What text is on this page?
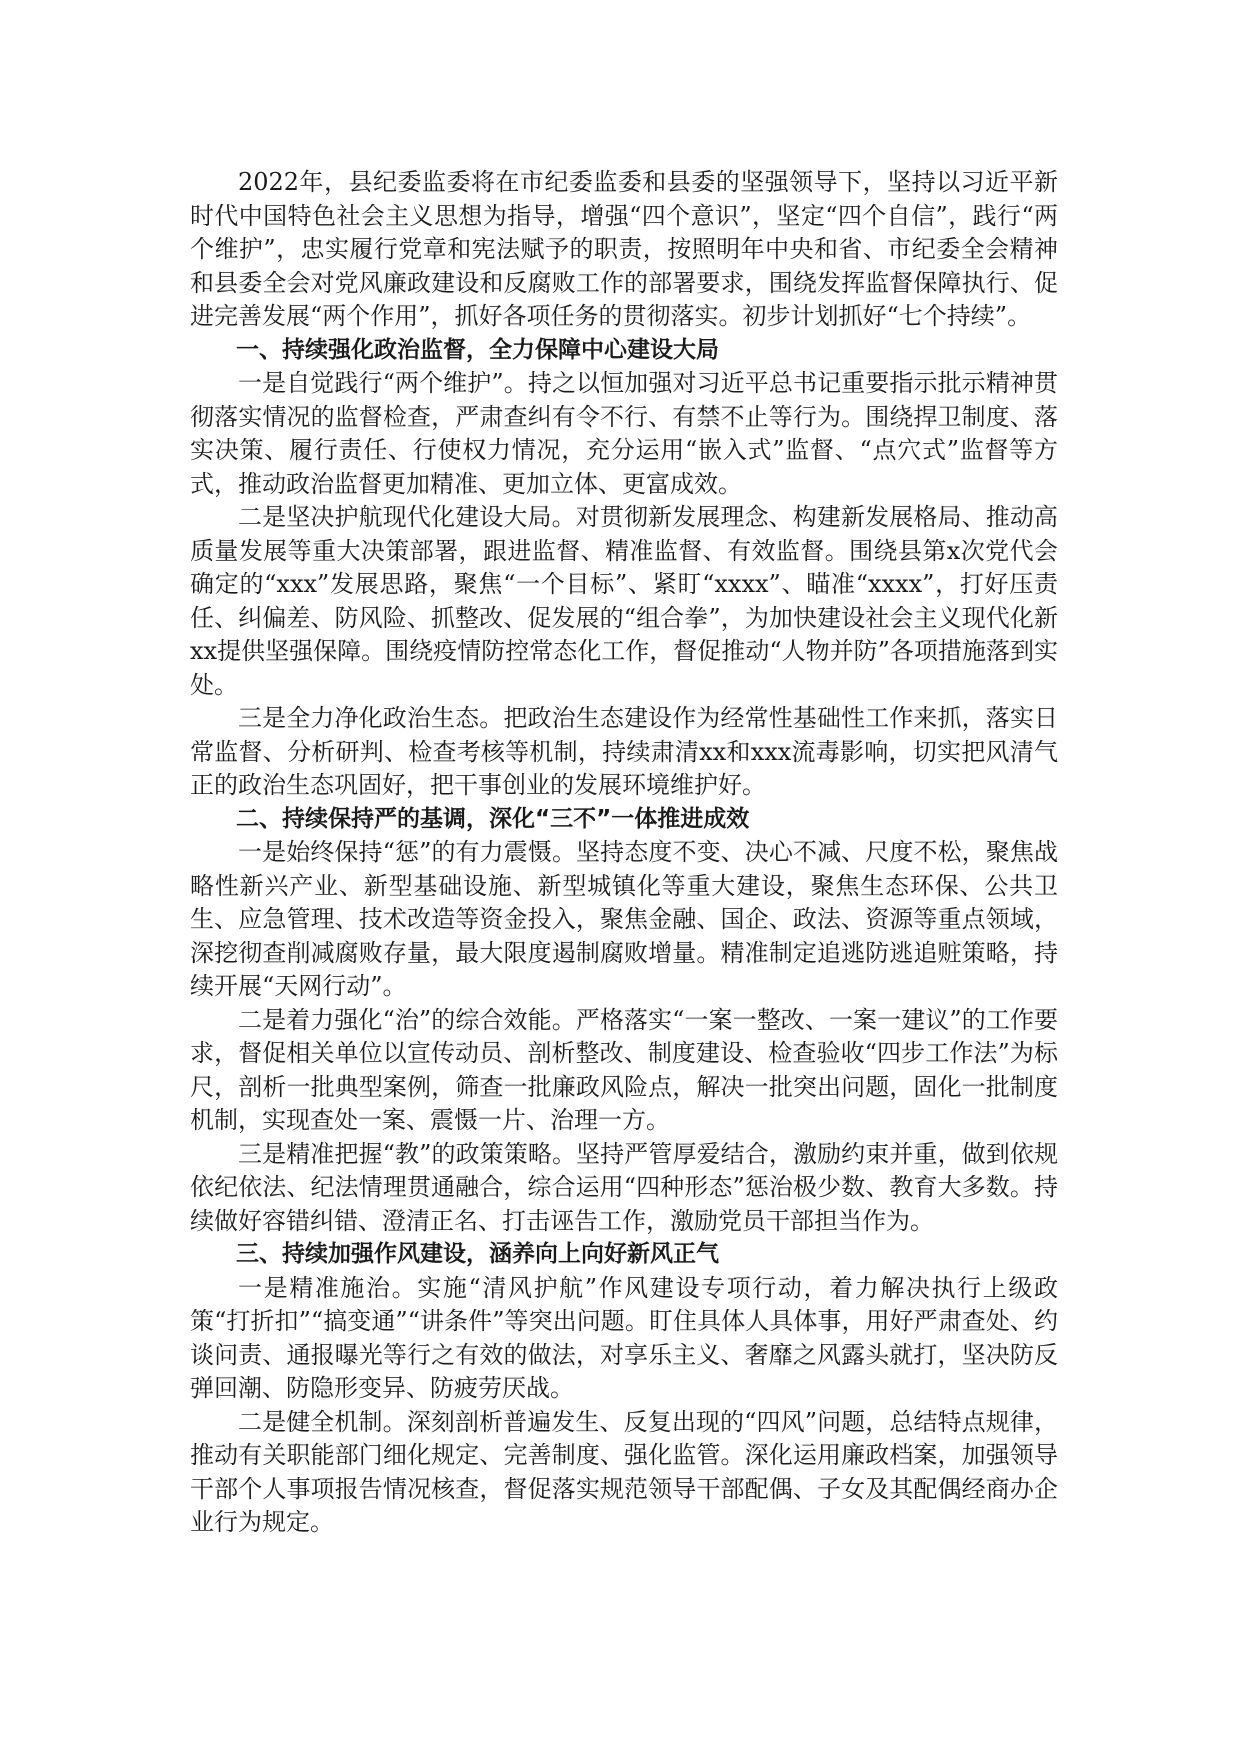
2022年，县纪委监委将在市纪委监委和县委的坚强领导下，坚持以习近平新时代中国特色社会主义思想为指导，增强“四个意识”，坚定“四个自信”，践行“两个维护”，忠实履行党章和宪法赋予的职责，按照明年中央和省、市纪委全会精神和县委全会对党风廉政建设和反腐败工作的部署要求，围绕发挥监督保障执行、促进完善发展“两个作用”，抓好各项任务的贯彻落实。初步计划抓好“七个持续”。

一、持续强化政治监督，全力保障中心建设大局

一是自觉践行“两个维护”。持之以恒加强对习近平总书记重要指示批示精神贯彻落实情况的监督检查，严肃查纠有令不行、有禁不止等行为。围绕捍卫制度、落实决策、履行责任、行使权力情况，充分运用“嵌入式”监督、“点穴式”监督等方式，推动政治监督更加精准、更加立体、更富成效。

二是坚决护航现代化建设大局。对贯彻新发展理念、构建新发展格局、推动高质量发展等重大决策部署，跟进监督、精准监督、有效监督。围绕县第x次党代会确定的“xxx”发展思路，聚焦“一个目标”、紧盯“xxxx”、瞄准“xxxx”，打好压责任、纠偏差、防风险、抓整改、促发展的“组合拳”，为加快建设社会主义现代化新xx提供坚强保障。围绕疫情防控常态化工作，督促推动“人物并防”各项措施落到实处。

三是全力净化政治生态。把政治生态建设作为经常性基础性工作来抓，落实日常监督、分析研判、检查考核等机制，持续肃清xx和xxx流毒影响，切实把风清气正的政治生态巩固好，把干事创业的发展环境维护好。

二、持续保持严的基调，深化“三不”一体推进成效

一是始终保持“惩”的有力震慑。坚持态度不变、决心不减、尺度不松，聚焦战略性新兴产业、新型基础设施、新型城镇化等重大建设，聚焦生态环保、公共卫生、应急管理、技术改造等资金投入，聚焦金融、国企、政法、资源等重点领域，深挖彻查削减腐败存量，最大限度遏制腐败增量。精准制定追逃防逃追赃策略，持续开展“天网行动”。

二是着力强化“治”的综合效能。严格落实“一案一整改、一案一建议”的工作要求，督促相关单位以宣传动员、剖析整改、制度建设、检查验收“四步工作法”为标尺，剖析一批典型案例，筛查一批廉政风险点，解决一批突出问题，固化一批制度机制，实现查处一案、震慑一片、治理一方。

三是精准把握“教”的政策策略。坚持严管厚爱结合，激励约束并重，做到依规依纪依法、纪法情理贯通融合，综合运用“四种形态”惩治极少数、教育大多数。持续做好容错纠错、澄清正名、打击诬告工作，激励党员干部担当作为。

三、持续加强作风建设，涵养向上向好新风正气

一是精准施治。实施“清风护航”作风建设专项行动，着力解决执行上级政策“打折扣”“搞变通”“讲条件”等突出问题。盯住具体人具体事，用好严肃查处、约谈问责、通报曝光等行之有效的做法，对享乐主义、奢靡之风露头就打，坚决防反弹回潮、防隐形变异、防疲劳厌战。

二是健全机制。深刻剖析普遍发生、反复出现的“四风”问题，总结特点规律，推动有关职能部门细化规定、完善制度、强化监管。深化运用廉政档案，加强领导干部个人事项报告情况核查，督促落实规范领导干部配偶、子女及其配偶经商办企业行为规定。
